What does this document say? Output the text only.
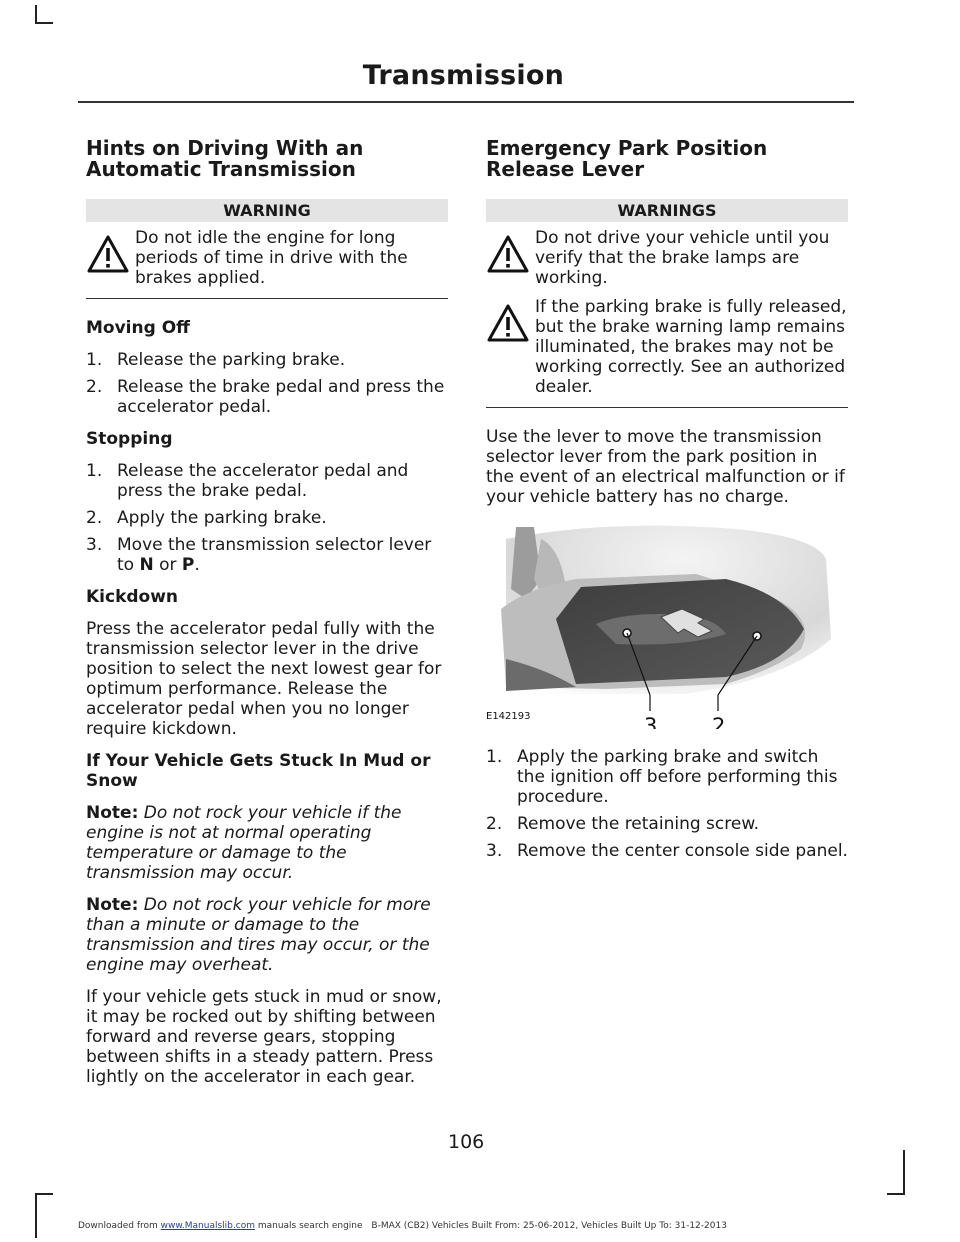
Transmission
Hints on Driving With an Automatic Transmission
WARNING
Do not idle the engine for long periods of time in drive with the brakes applied.
Moving Off
1. Release the parking brake.
2. Release the brake pedal and press the accelerator pedal.
Stopping
1. Release the accelerator pedal and press the brake pedal.
2. Apply the parking brake.
3. Move the transmission selector lever to N or P.
Kickdown

Press the accelerator pedal fully with the transmission selector lever in the drive position to select the next lowest gear for optimum performance. Release the accelerator pedal when you no longer require kickdown.

If Your Vehicle Gets Stuck In Mud or Snow

Note: Do not rock your vehicle if the engine is not at normal operating temperature or damage to the transmission may occur.

Note: Do not rock your vehicle for more than a minute or damage to the transmission and tires may occur, or the engine may overheat.

If your vehicle gets stuck in mud or snow, it may be rocked out by shifting between forward and reverse gears, stopping between shifts in a steady pattern. Press lightly on the accelerator in each gear.

Emergency Park Position Release Lever
WARNINGS
Do not drive your vehicle until you verify that the brake lamps are working.
If the parking brake is fully released, but the brake warning lamp remains illuminated, the brakes may not be working correctly. See an authorized dealer.

Use the lever to move the transmission selector lever from the park position in the event of an electrical malfunction or if your vehicle battery has no charge.

3	2
E142193
1. Apply the parking brake and switch the ignition off before performing this procedure.
2. Remove the retaining screw.
3. Remove the center console side panel.
106
Downloaded from www.Manualslib.com manuals search engine B-MAX (CB2) Vehicles Built From: 25-06-2012, Vehicles Built Up To: 31-12-2013
